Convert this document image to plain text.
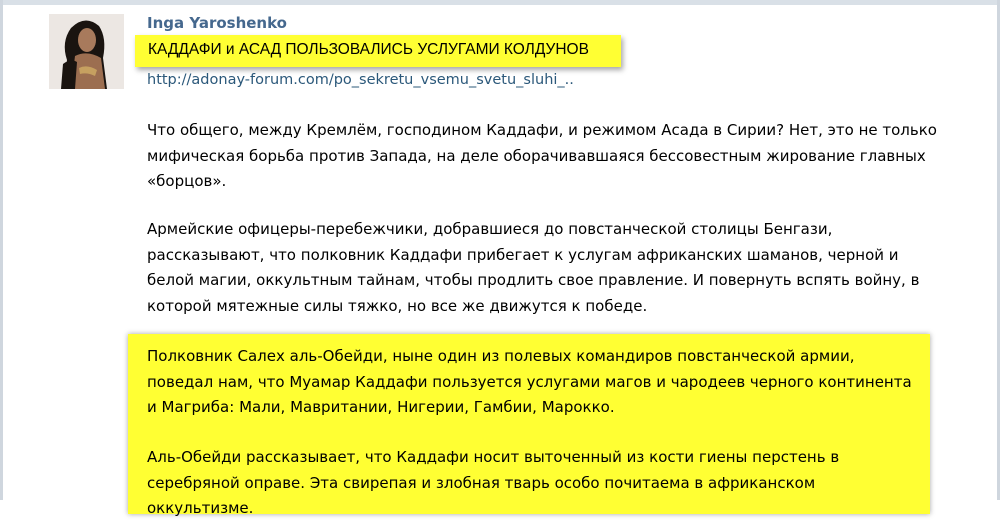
Inga Yaroshenko
КАДДАФИ и АСАД ПОЛЬЗОВАЛИСЬ УСЛУГАМИ КОЛДУНОВ
http://adonay-forum.com/po_sekretu_vsemu_svetu_sluhi_..

Что общего, между Кремлём, господином Каддафи, и режимом Асада в Сирии? Нет, это не только мифическая борьба против Запада, на деле оборачивавшаяся бессовестным жирование главных «борцов».

Армейские офицеры-перебежчики, добравшиеся до повстанческой столицы Бенгази, рассказывают, что полковник Каддафи прибегает к услугам африканских шаманов, черной и белой магии, оккультным тайнам, чтобы продлить свое правление. И повернуть вспять войну, в которой мятежные силы тяжко, но все же движутся к победе.

Полковник Салех аль-Обейди, ныне один из полевых командиров повстанческой армии, поведал нам, что Муамар Каддафи пользуется услугами магов и чародеев черного континента и Магриба: Мали, Мавритании, Нигерии, Гамбии, Марокко.

Аль-Обейди рассказывает, что Каддафи носит выточенный из кости гиены перстень в серебряной оправе. Эта свирепая и злобная тварь особо почитаема в африканском оккультизме.
